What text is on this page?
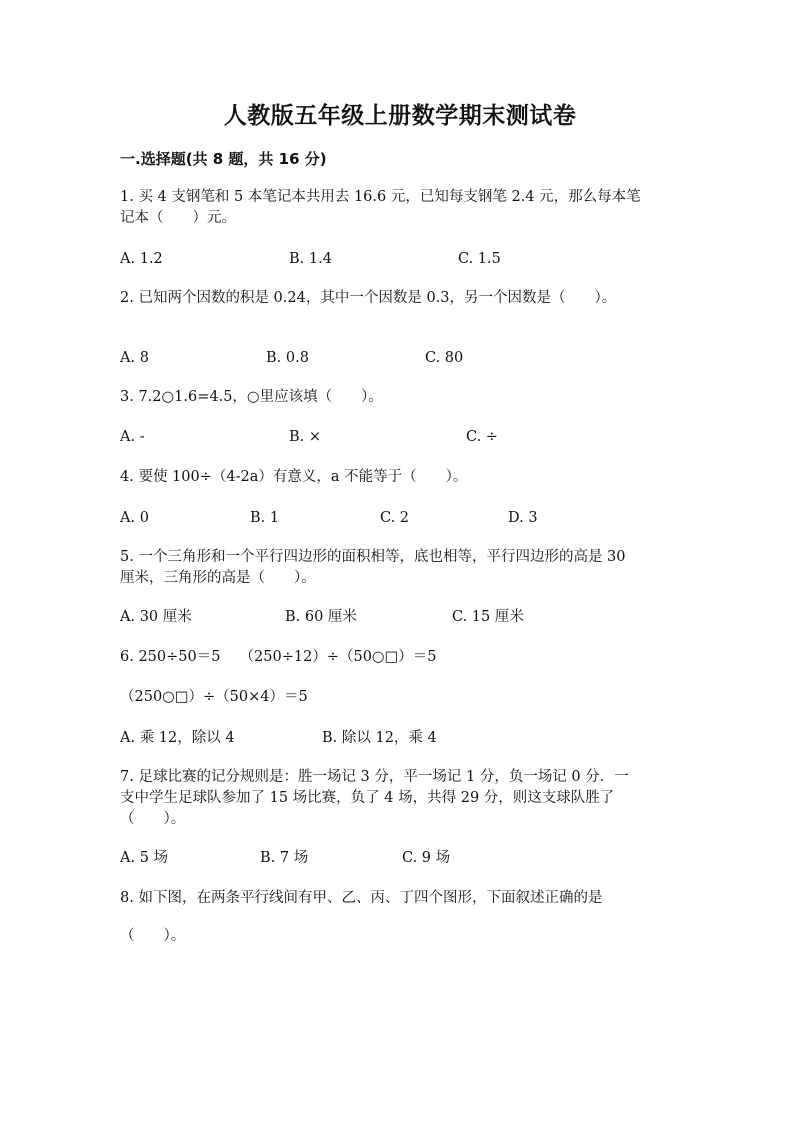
人教版五年级上册数学期末测试卷
一.选择题(共 8 题，共 16 分)
1. 买 4 支钢笔和 5 本笔记本共用去 16.6 元，已知每支钢笔 2.4 元，那么每本笔
记本（　　）元。
A. 1.2	B. 1.4	C. 1.5
2. 已知两个因数的积是 0.24，其中一个因数是 0.3，另一个因数是（　　）。
A. 8	B. 0.8	C. 80
3. 7.2○1.6=4.5，○里应该填（　　）。
A. -	B. ×	C. ÷
4. 要使 100÷（4-2a）有意义，a 不能等于（　　）。
A. 0	B. 1	C. 2	D. 3
5. 一个三角形和一个平行四边形的面积相等，底也相等，平行四边形的高是 30
厘米，三角形的高是（　　）。
A. 30 厘米	B. 60 厘米	C. 15 厘米
6. 250÷50＝5　 （250÷12）÷（50○□）＝5
（250○□）÷（50×4）＝5
A. 乘 12，除以 4	B. 除以 12，乘 4
7. 足球比赛的记分规则是：胜一场记 3 分，平一场记 1 分，负一场记 0 分．一
支中学生足球队参加了 15 场比赛，负了 4 场，共得 29 分，则这支球队胜了
（　　）。
A. 5 场	B. 7 场	C. 9 场
8. 如下图，在两条平行线间有甲、乙、丙、丁四个图形，下面叙述正确的是
（　　）。
